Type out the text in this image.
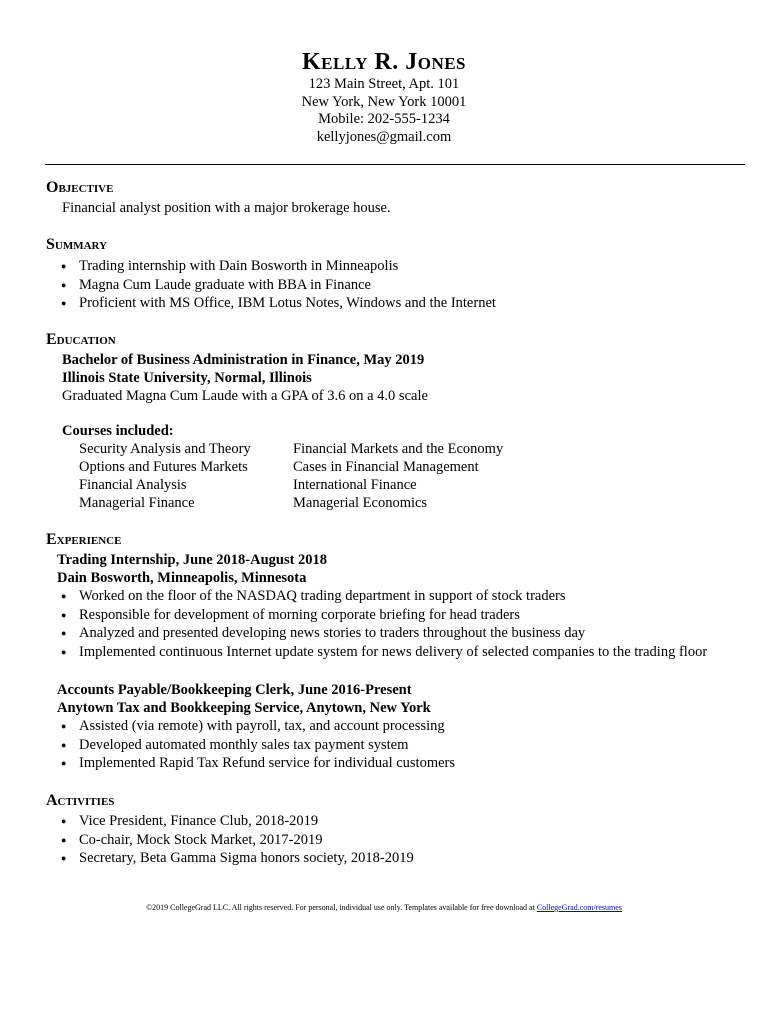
Kelly R. Jones
123 Main Street, Apt. 101
New York, New York 10001
Mobile: 202-555-1234
kellyjones@gmail.com
Objective
Financial analyst position with a major brokerage house.
Summary
● Trading internship with Dain Bosworth in Minneapolis
● Magna Cum Laude graduate with BBA in Finance
● Proficient with MS Office, IBM Lotus Notes, Windows and the Internet
Education
Bachelor of Business Administration in Finance, May 2019
Illinois State University, Normal, Illinois
Graduated Magna Cum Laude with a GPA of 3.6 on a 4.0 scale
Courses included:
Security Analysis and Theory	Financial Markets and the Economy
Options and Futures Markets	Cases in Financial Management
Financial Analysis	International Finance
Managerial Finance	Managerial Economics
Experience
Trading Internship, June 2018-August 2018
Dain Bosworth, Minneapolis, Minnesota
● Worked on the floor of the NASDAQ trading department in support of stock traders
● Responsible for development of morning corporate briefing for head traders
● Analyzed and presented developing news stories to traders throughout the business day
● Implemented continuous Internet update system for news delivery of selected companies to the trading floor
Accounts Payable/Bookkeeping Clerk, June 2016-Present
Anytown Tax and Bookkeeping Service, Anytown, New York
● Assisted (via remote) with payroll, tax, and account processing
● Developed automated monthly sales tax payment system
● Implemented Rapid Tax Refund service for individual customers
Activities
● Vice President, Finance Club, 2018-2019
● Co-chair, Mock Stock Market, 2017-2019
● Secretary, Beta Gamma Sigma honors society, 2018-2019
©2019 CollegeGrad LLC. All rights reserved. For personal, individual use only. Templates available for free download at CollegeGrad.com/resumes
